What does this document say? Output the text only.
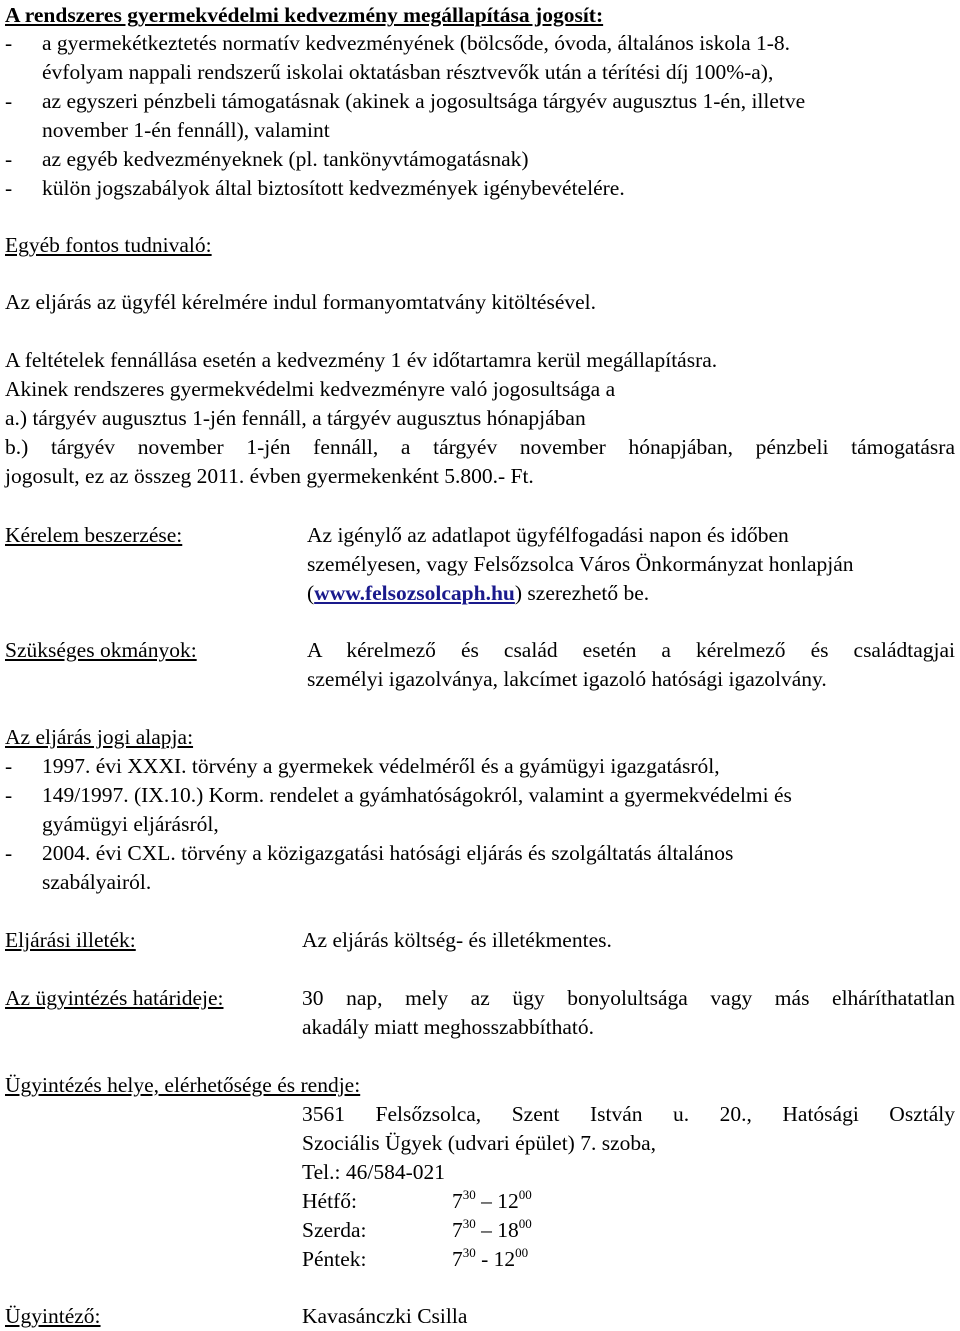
A rendszeres gyermekvédelmi kedvezmény megállapítása jogosít:
- a gyermekétkeztetés normatív kedvezményének (bölcsőde, óvoda, általános iskola 1-8.
évfolyam nappali rendszerű iskolai oktatásban résztvevők után a térítési díj 100%-a),
- az egyszeri pénzbeli támogatásnak (akinek a jogosultsága tárgyév augusztus 1-én, illetve
november 1-én fennáll), valamint
- az egyéb kedvezményeknek (pl. tankönyvtámogatásnak)
- külön jogszabályok által biztosított kedvezmények igénybevételére.
Egyéb fontos tudnivaló:
Az eljárás az ügyfél kérelmére indul formanyomtatvány kitöltésével.
A feltételek fennállása esetén a kedvezmény 1 év időtartamra kerül megállapításra.
Akinek rendszeres gyermekvédelmi kedvezményre való jogosultsága a
a.) tárgyév augusztus 1-jén fennáll, a tárgyév augusztus hónapjában
b.) tárgyév november 1-jén fennáll, a tárgyév november hónapjában, pénzbeli támogatásra
jogosult, ez az összeg 2011. évben gyermekenként 5.800.- Ft.
Kérelem beszerzése:	Az igénylő az adatlapot ügyfélfogadási napon és időben
személyesen, vagy Felsőzsolca Város Önkormányzat honlapján
(www.felsozsolcaph.hu) szerezhető be.
Szükséges okmányok:	A kérelmező és család esetén a kérelmező és családtagjai
személyi igazolványa, lakcímet igazoló hatósági igazolvány.
Az eljárás jogi alapja:
- 1997. évi XXXI. törvény a gyermekek védelméről és a gyámügyi igazgatásról,
- 149/1997. (IX.10.) Korm. rendelet a gyámhatóságokról, valamint a gyermekvédelmi és
gyámügyi eljárásról,
- 2004. évi CXL. törvény a közigazgatási hatósági eljárás és szolgáltatás általános
szabályairól.
Eljárási illeték:	Az eljárás költség- és illetékmentes.
Az ügyintézés határideje:	30 nap, mely az ügy bonyolultsága vagy más elháríthatatlan
akadály miatt meghosszabbítható.
Ügyintézés helye, elérhetősége és rendje:
3561 Felsőzsolca, Szent István u. 20., Hatósági Osztály
Szociális Ügyek (udvari épület) 7. szoba,
Tel.: 46/584-021
Hétfő:	$7^{30} - 12^{00}$
Szerda:	$7^{30} - 18^{00}$
Péntek:	$7^{30} - 12^{00}$
Ügyintéző:	Kavasánczki Csilla
